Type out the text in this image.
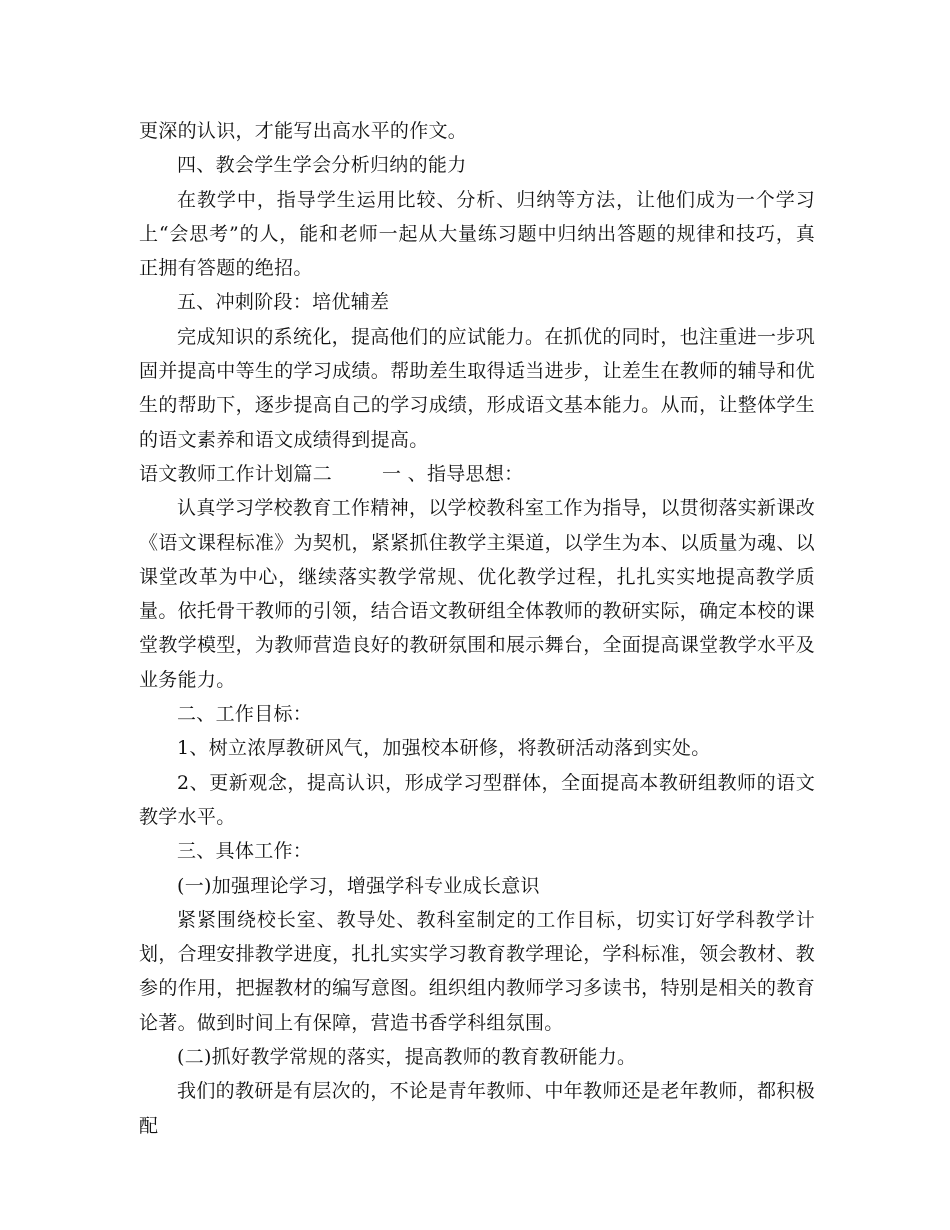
更深的认识，才能写出高水平的作文。

四、教会学生学会分析归纳的能力

在教学中，指导学生运用比较、分析、归纳等方法，让他们成为一个学习上“会思考”的人，能和老师一起从大量练习题中归纳出答题的规律和技巧，真正拥有答题的绝招。

五、冲刺阶段：培优辅差

完成知识的系统化，提高他们的应试能力。在抓优的同时，也注重进一步巩固并提高中等生的学习成绩。帮助差生取得适当进步，让差生在教师的辅导和优生的帮助下，逐步提高自己的学习成绩，形成语文基本能力。从而，让整体学生的语文素养和语文成绩得到提高。

语文教师工作计划篇二	一 、指导思想：

认真学习学校教育工作精神，以学校教科室工作为指导，以贯彻落实新课改《语文课程标准》为契机，紧紧抓住教学主渠道，以学生为本、以质量为魂、以课堂改革为中心，继续落实教学常规、优化教学过程，扎扎实实地提高教学质量。依托骨干教师的引领，结合语文教研组全体教师的教研实际，确定本校的课堂教学模型，为教师营造良好的教研氛围和展示舞台，全面提高课堂教学水平及业务能力。

二、工作目标：

1、树立浓厚教研风气，加强校本研修，将教研活动落到实处。

2、更新观念，提高认识，形成学习型群体，全面提高本教研组教师的语文教学水平。

三、具体工作：

(一)加强理论学习，增强学科专业成长意识

紧紧围绕校长室、教导处、教科室制定的工作目标，切实订好学科教学计划，合理安排教学进度，扎扎实实学习教育教学理论，学科标准，领会教材、教参的作用，把握教材的编写意图。组织组内教师学习多读书，特别是相关的教育论著。做到时间上有保障，营造书香学科组氛围。

(二)抓好教学常规的落实，提高教师的教育教研能力。

我们的教研是有层次的，不论是青年教师、中年教师还是老年教师，都积极配
